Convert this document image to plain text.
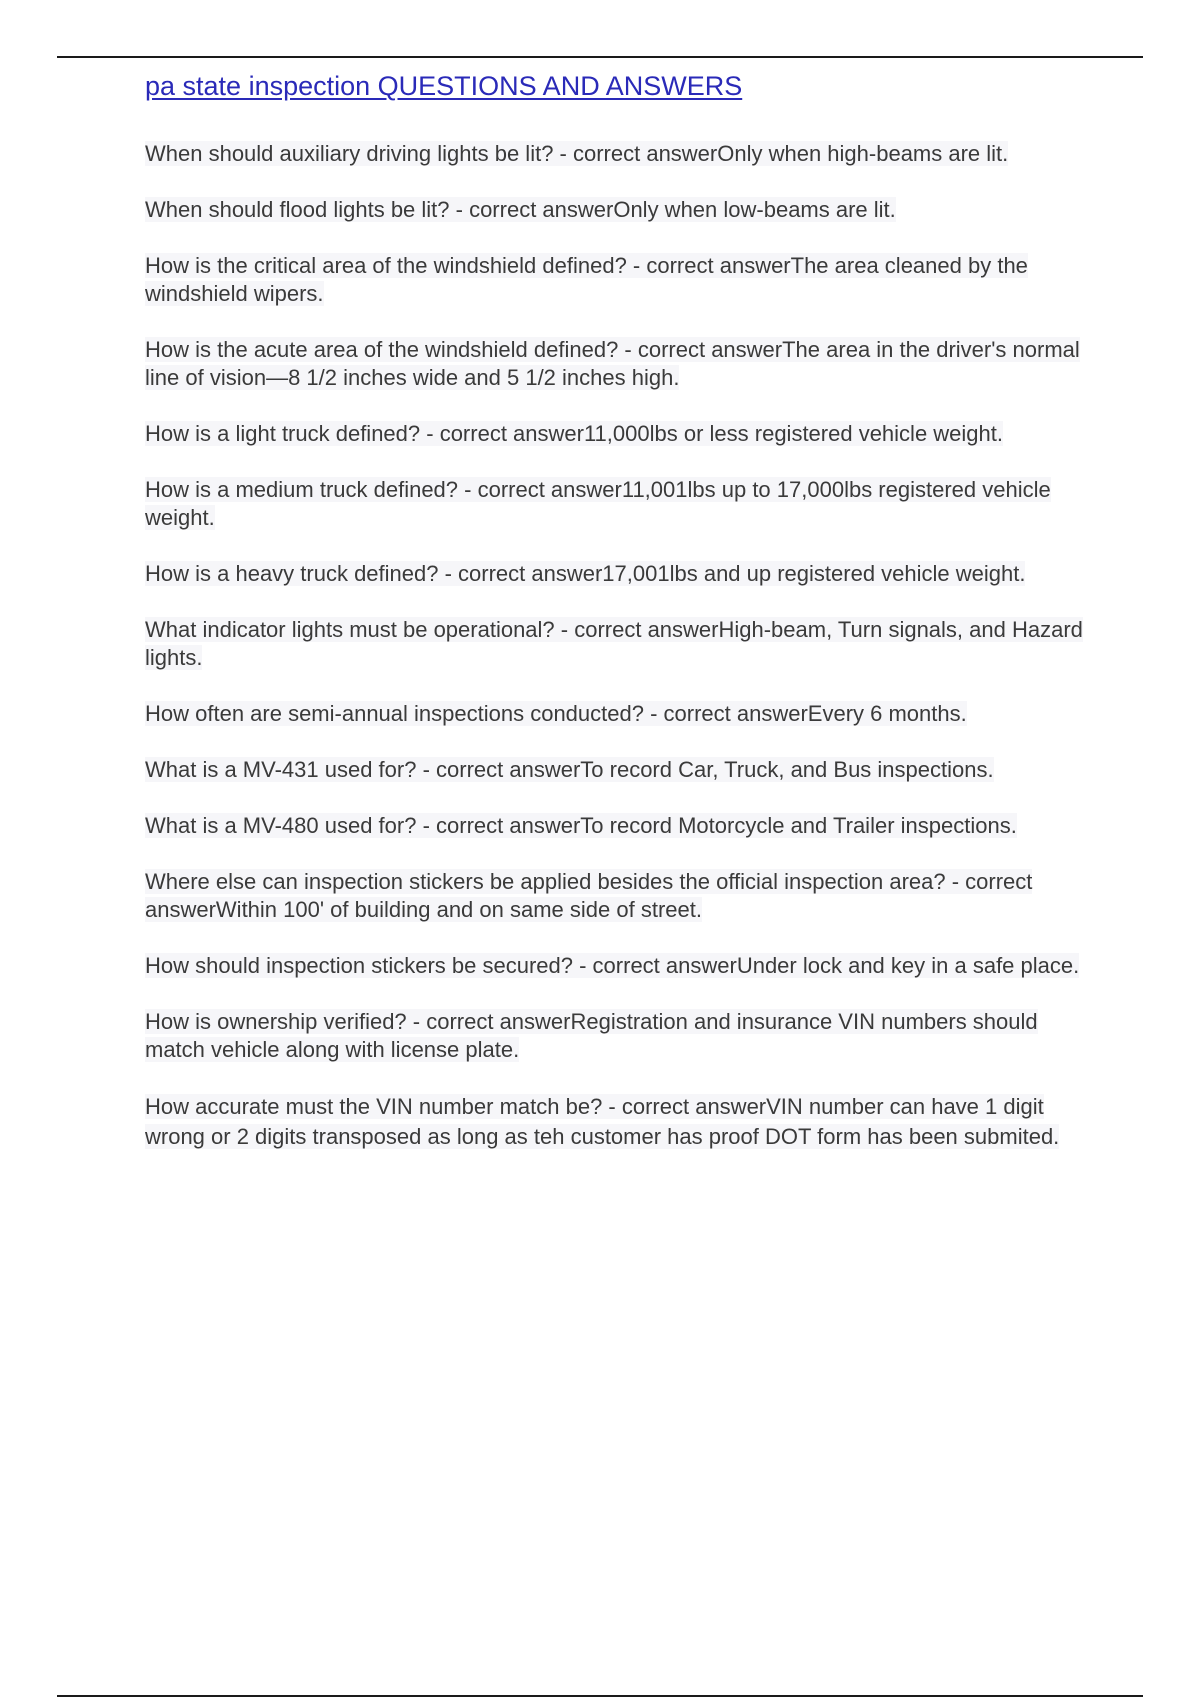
pa state inspection QUESTIONS AND ANSWERS
When should auxiliary driving lights be lit? - correct answerOnly when high-beams are lit.
When should flood lights be lit? - correct answerOnly when low-beams are lit.
How is the critical area of the windshield defined? - correct answerThe area cleaned by the windshield wipers.
How is the acute area of the windshield defined? - correct answerThe area in the driver's normal line of vision—8 1/2 inches wide and 5 1/2 inches high.
How is a light truck defined? - correct answer11,000lbs or less registered vehicle weight.
How is a medium truck defined? - correct answer11,001lbs up to 17,000lbs registered vehicle weight.
How is a heavy truck defined? - correct answer17,001lbs and up registered vehicle weight.
What indicator lights must be operational? - correct answerHigh-beam, Turn signals, and Hazard lights.
How often are semi-annual inspections conducted? - correct answerEvery 6 months.
What is a MV-431 used for? - correct answerTo record Car, Truck, and Bus inspections.
What is a MV-480 used for? - correct answerTo record Motorcycle and Trailer inspections.
Where else can inspection stickers be applied besides the official inspection area? - correct answerWithin 100' of building and on same side of street.
How should inspection stickers be secured? - correct answerUnder lock and key in a safe place.
How is ownership verified? - correct answerRegistration and insurance VIN numbers should match vehicle along with license plate.
How accurate must the VIN number match be? - correct answerVIN number can have 1 digit wrong or 2 digits transposed as long as teh customer has proof DOT form has been submited.
